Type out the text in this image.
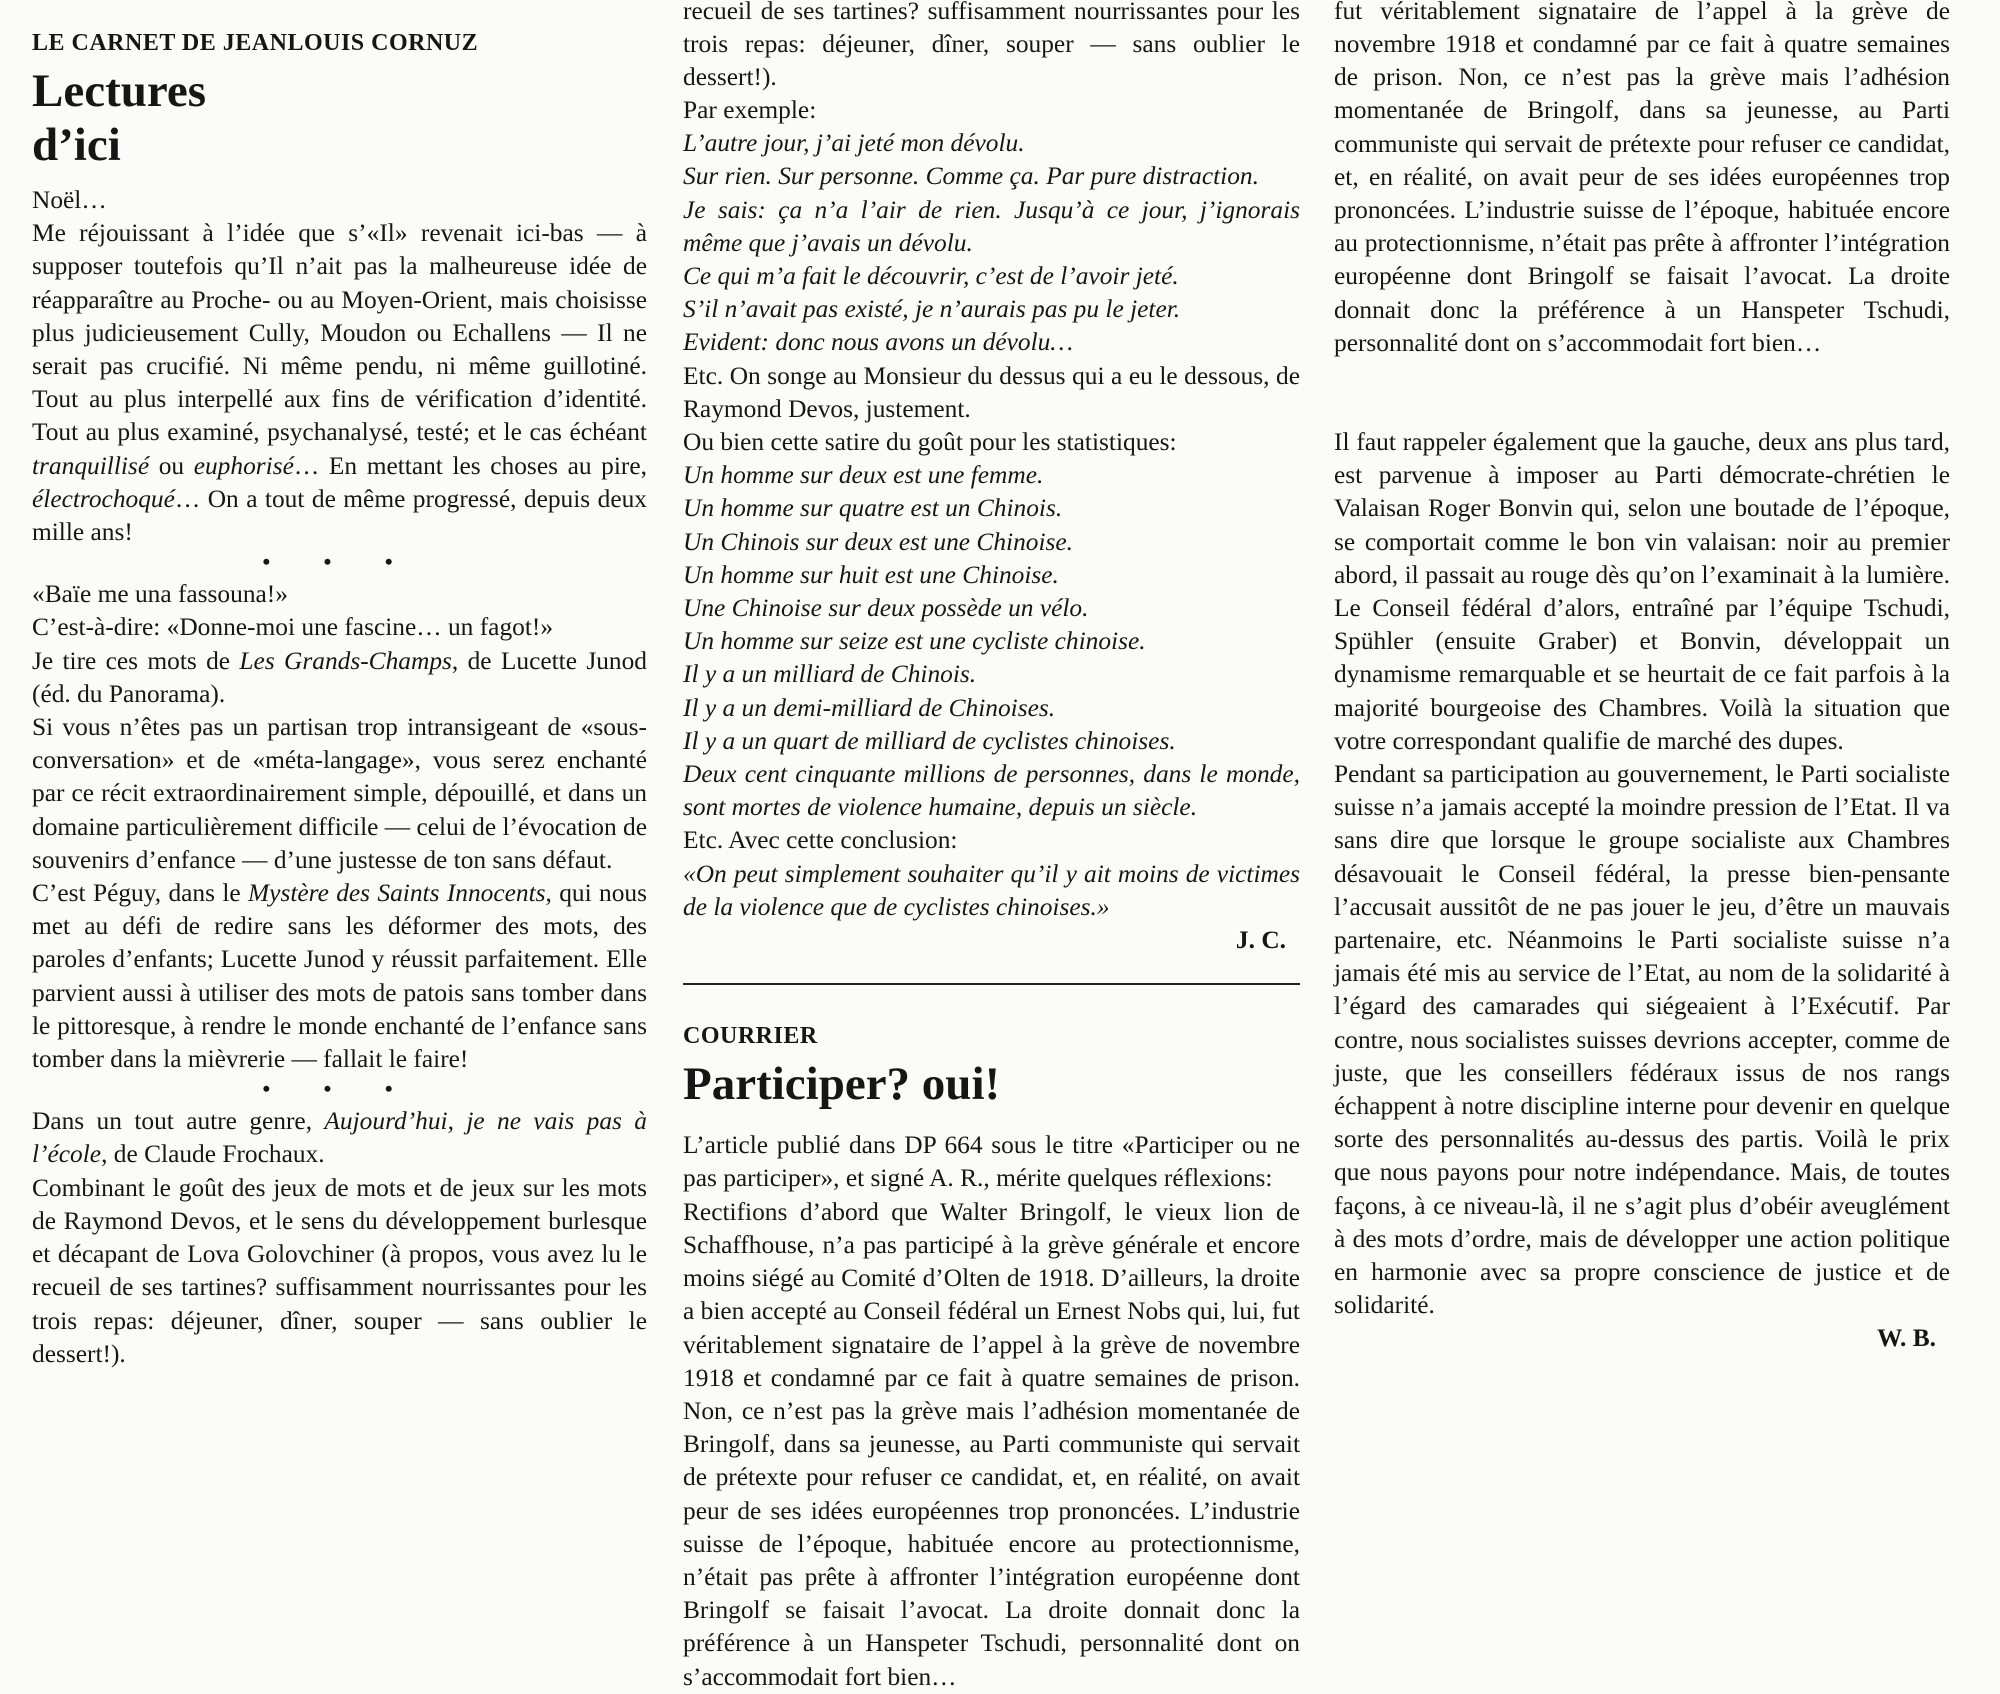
LE CARNET DE JEANLOUIS CORNUZ
Lectures
d’ici

Noël…

Me réjouissant à l’idée que s’«Il» revenait ici-bas — à supposer toutefois qu’Il n’ait pas la malheureuse idée de réapparaître au Proche- ou au Moyen-Orient, mais choisisse plus judicieusement Cully, Moudon ou Echallens — Il ne serait pas crucifié. Ni même pendu, ni même guillotiné. Tout au plus interpellé aux fins de vérification d’identité. Tout au plus examiné, psychanalysé, testé; et le cas échéant tranquillisé ou euphorisé… En mettant les choses au pire, électrochoqué… On a tout de même progressé, depuis deux mille ans!

• • •

«Baïe me una fassouna!»

C’est-à-dire: «Donne-moi une fascine… un fagot!»

Je tire ces mots de Les Grands-Champs, de Lucette Junod (éd. du Panorama).

Si vous n’êtes pas un partisan trop intransigeant de «sous-conversation» et de «méta-langage», vous serez enchanté par ce récit extraordinairement simple, dépouillé, et dans un domaine particulièrement difficile — celui de l’évocation de souvenirs d’enfance — d’une justesse de ton sans défaut.

C’est Péguy, dans le Mystère des Saints Innocents, qui nous met au défi de redire sans les déformer des mots, des paroles d’enfants; Lucette Junod y réussit parfaitement. Elle parvient aussi à utiliser des mots de patois sans tomber dans le pittoresque, à rendre le monde enchanté de l’enfance sans tomber dans la mièvrerie — fallait le faire!

• • •

Dans un tout autre genre, Aujourd’hui, je ne vais pas à l’école, de Claude Frochaux.

Combinant le goût des jeux de mots et de jeux sur les mots de Raymond Devos, et le sens du développement burlesque et décapant de Lova Golovchiner (à propos, vous avez lu le recueil de ses tartines? suffisamment nourrissantes pour les trois repas: déjeuner, dîner, souper — sans oublier le dessert!).

recueil de ses tartines? suffisamment nourrissantes pour les trois repas: déjeuner, dîner, souper — sans oublier le dessert!).

Par exemple:

L’autre jour, j’ai jeté mon dévolu.

Sur rien. Sur personne. Comme ça. Par pure distraction.

Je sais: ça n’a l’air de rien. Jusqu’à ce jour, j’ignorais même que j’avais un dévolu.

Ce qui m’a fait le découvrir, c’est de l’avoir jeté.

S’il n’avait pas existé, je n’aurais pas pu le jeter.

Evident: donc nous avons un dévolu…

Etc. On songe au Monsieur du dessus qui a eu le dessous, de Raymond Devos, justement.

Ou bien cette satire du goût pour les statistiques:

Un homme sur deux est une femme.

Un homme sur quatre est un Chinois.

Un Chinois sur deux est une Chinoise.

Un homme sur huit est une Chinoise.

Une Chinoise sur deux possède un vélo.

Un homme sur seize est une cycliste chinoise.

Il y a un milliard de Chinois.

Il y a un demi-milliard de Chinoises.

Il y a un quart de milliard de cyclistes chinoises.

Deux cent cinquante millions de personnes, dans le monde, sont mortes de violence humaine, depuis un siècle.

Etc. Avec cette conclusion:

«On peut simplement souhaiter qu’il y ait moins de victimes de la violence que de cyclistes chinoises.»

J. C.

COURRIER
Participer? oui!

L’article publié dans DP 664 sous le titre «Participer ou ne pas participer», et signé A. R., mérite quelques réflexions:

Rectifions d’abord que Walter Bringolf, le vieux lion de Schaffhouse, n’a pas participé à la grève générale et encore moins siégé au Comité d’Olten de 1918. D’ailleurs, la droite a bien accepté au Conseil fédéral un Ernest Nobs qui, lui, fut véritablement signataire de l’appel à la grève de novembre 1918 et condamné par ce fait à quatre semaines de prison. Non, ce n’est pas la grève mais l’adhésion momentanée de Bringolf, dans sa jeunesse, au Parti communiste qui servait de prétexte pour refuser ce candidat, et, en réalité, on avait peur de ses idées européennes trop prononcées. L’industrie suisse de l’époque, habituée encore au protectionnisme, n’était pas prête à affronter l’intégration européenne dont Bringolf se faisait l’avocat. La droite donnait donc la préférence à un Hanspeter Tschudi, personnalité dont on s’accommodait fort bien…

fut véritablement signataire de l’appel à la grève de novembre 1918 et condamné par ce fait à quatre semaines de prison. Non, ce n’est pas la grève mais l’adhésion momentanée de Bringolf, dans sa jeunesse, au Parti communiste qui servait de prétexte pour refuser ce candidat, et, en réalité, on avait peur de ses idées européennes trop prononcées. L’industrie suisse de l’époque, habituée encore au protectionnisme, n’était pas prête à affronter l’intégration européenne dont Bringolf se faisait l’avocat. La droite donnait donc la préférence à un Hanspeter Tschudi, personnalité dont on s’accommodait fort bien…

Il faut rappeler également que la gauche, deux ans plus tard, est parvenue à imposer au Parti démocrate-chrétien le Valaisan Roger Bonvin qui, selon une boutade de l’époque, se comportait comme le bon vin valaisan: noir au premier abord, il passait au rouge dès qu’on l’examinait à la lumière. Le Conseil fédéral d’alors, entraîné par l’équipe Tschudi, Spühler (ensuite Graber) et Bonvin, développait un dynamisme remarquable et se heurtait de ce fait parfois à la majorité bourgeoise des Chambres. Voilà la situation que votre correspondant qualifie de marché des dupes.

Pendant sa participation au gouvernement, le Parti socialiste suisse n’a jamais accepté la moindre pression de l’Etat. Il va sans dire que lorsque le groupe socialiste aux Chambres désavouait le Conseil fédéral, la presse bien-pensante l’accusait aussitôt de ne pas jouer le jeu, d’être un mauvais partenaire, etc. Néanmoins le Parti socialiste suisse n’a jamais été mis au service de l’Etat, au nom de la solidarité à l’égard des camarades qui siégeaient à l’Exécutif. Par contre, nous socialistes suisses devrions accepter, comme de juste, que les conseillers fédéraux issus de nos rangs échappent à notre discipline interne pour devenir en quelque sorte des personnalités au-dessus des partis. Voilà le prix que nous payons pour notre indépendance. Mais, de toutes façons, à ce niveau-là, il ne s’agit plus d’obéir aveuglément à des mots d’ordre, mais de développer une action politique en harmonie avec sa propre conscience de justice et de solidarité.

W. B.
